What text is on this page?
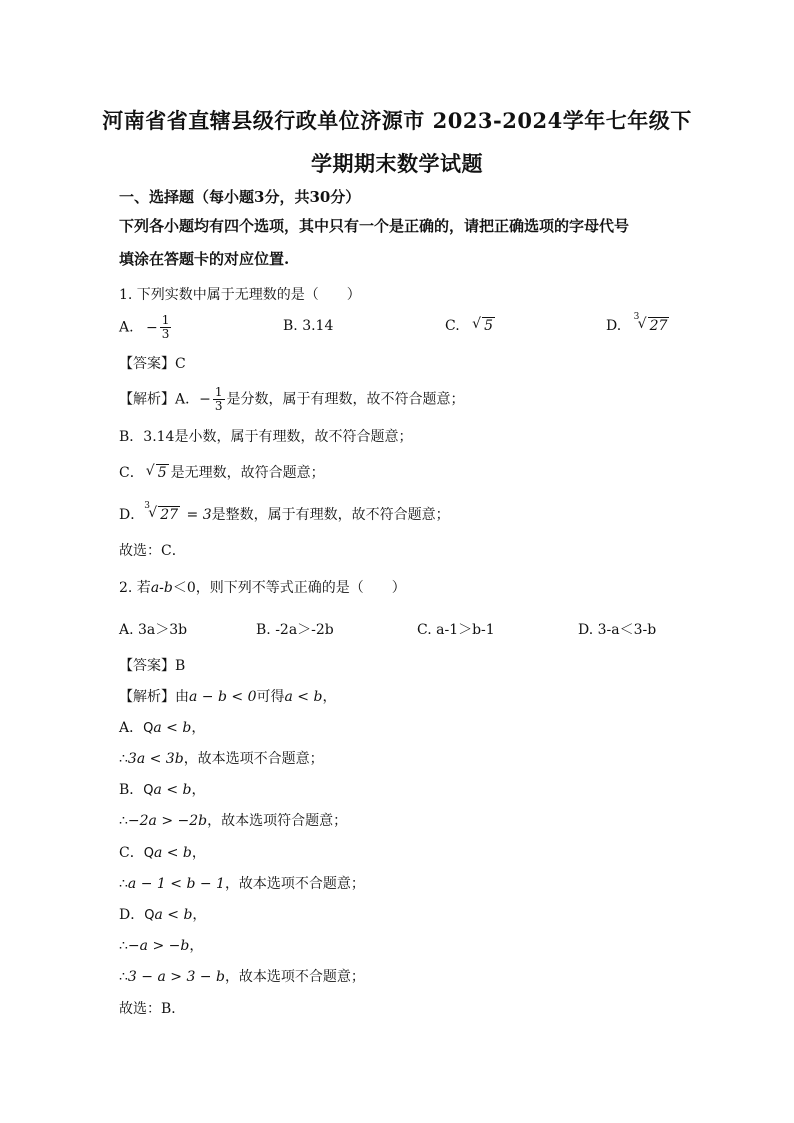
河南省省直辖县级行政单位济源市 2023-2024学年七年级下
学期期末数学试题
一、选择题（每小题3分，共30分）
下列各小题均有四个选项，其中只有一个是正确的，请把正确选项的字母代号
填涂在答题卡的对应位置.
1. 下列实数中属于无理数的是（　　）
A. − $\frac{1}{3}$	B. 3.14	C. √ 5	D.
3
√ 27
【答案】C
【解析】A．− $\frac{1}{3}$ 是分数，属于有理数，故不符合题意；
B．3.14是小数，属于有理数，故不符合题意；
C． √ 5 是无理数，故符合题意；
D．
3
√ 27 = 3是整数，属于有理数，故不符合题意；
故选：C．
2. 若a-b＜0，则下列不等式正确的是（　　）
A. 3a＞3b	B. -2a＞-2b	C. a-1＞b-1	D. 3-a＜3-b
【答案】B
【解析】由a − b < 0可得a < b，
A．Qa < b，
∴3a < 3b，故本选项不合题意；
B．Qa < b，
∴−2a > −2b，故本选项符合题意；
C．Qa < b，
∴a − 1 < b − 1，故本选项不合题意；
D．Qa < b，
∴−a > −b，
∴3 − a > 3 − b，故本选项不合题意；
故选：B．
